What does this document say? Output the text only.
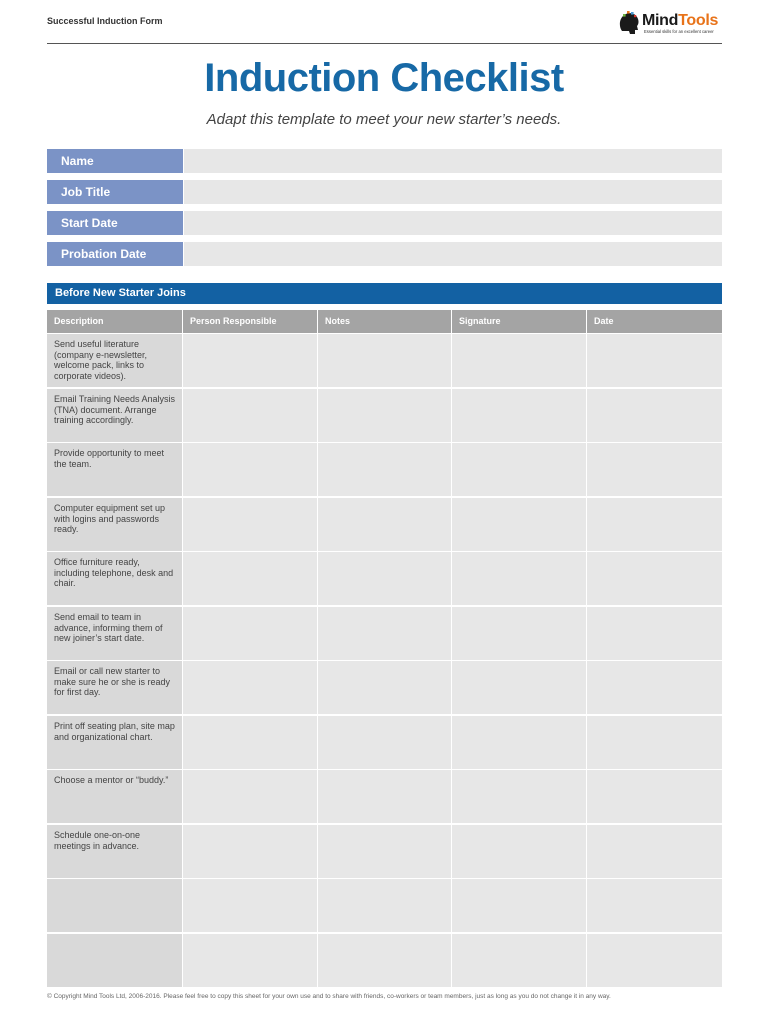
Successful Induction Form	MindTools
Essential skills for an excellent career
Induction Checklist
Adapt this template to meet your new starter’s needs.
Name
Job Title
Start Date
Probation Date
Before New Starter Joins
Description	Person Responsible	Notes	Signature	Date
Send useful literature (company e-newsletter, welcome pack, links to corporate videos).
Email Training Needs Analysis (TNA) document. Arrange training accordingly.
Provide opportunity to meet the team.
Computer equipment set up with logins and passwords ready.
Office furniture ready, including telephone, desk and chair.
Send email to team in advance, informing them of new joiner’s start date.
Email or call new starter to make sure he or she is ready for first day.
Print off seating plan, site map and organizational chart.
Choose a mentor or “buddy.”
Schedule one-on-one meetings in advance.
© Copyright Mind Tools Ltd, 2006-2016. Please feel free to copy this sheet for your own use and to share with friends, co-workers or team members, just as long as you do not change it in any way.
